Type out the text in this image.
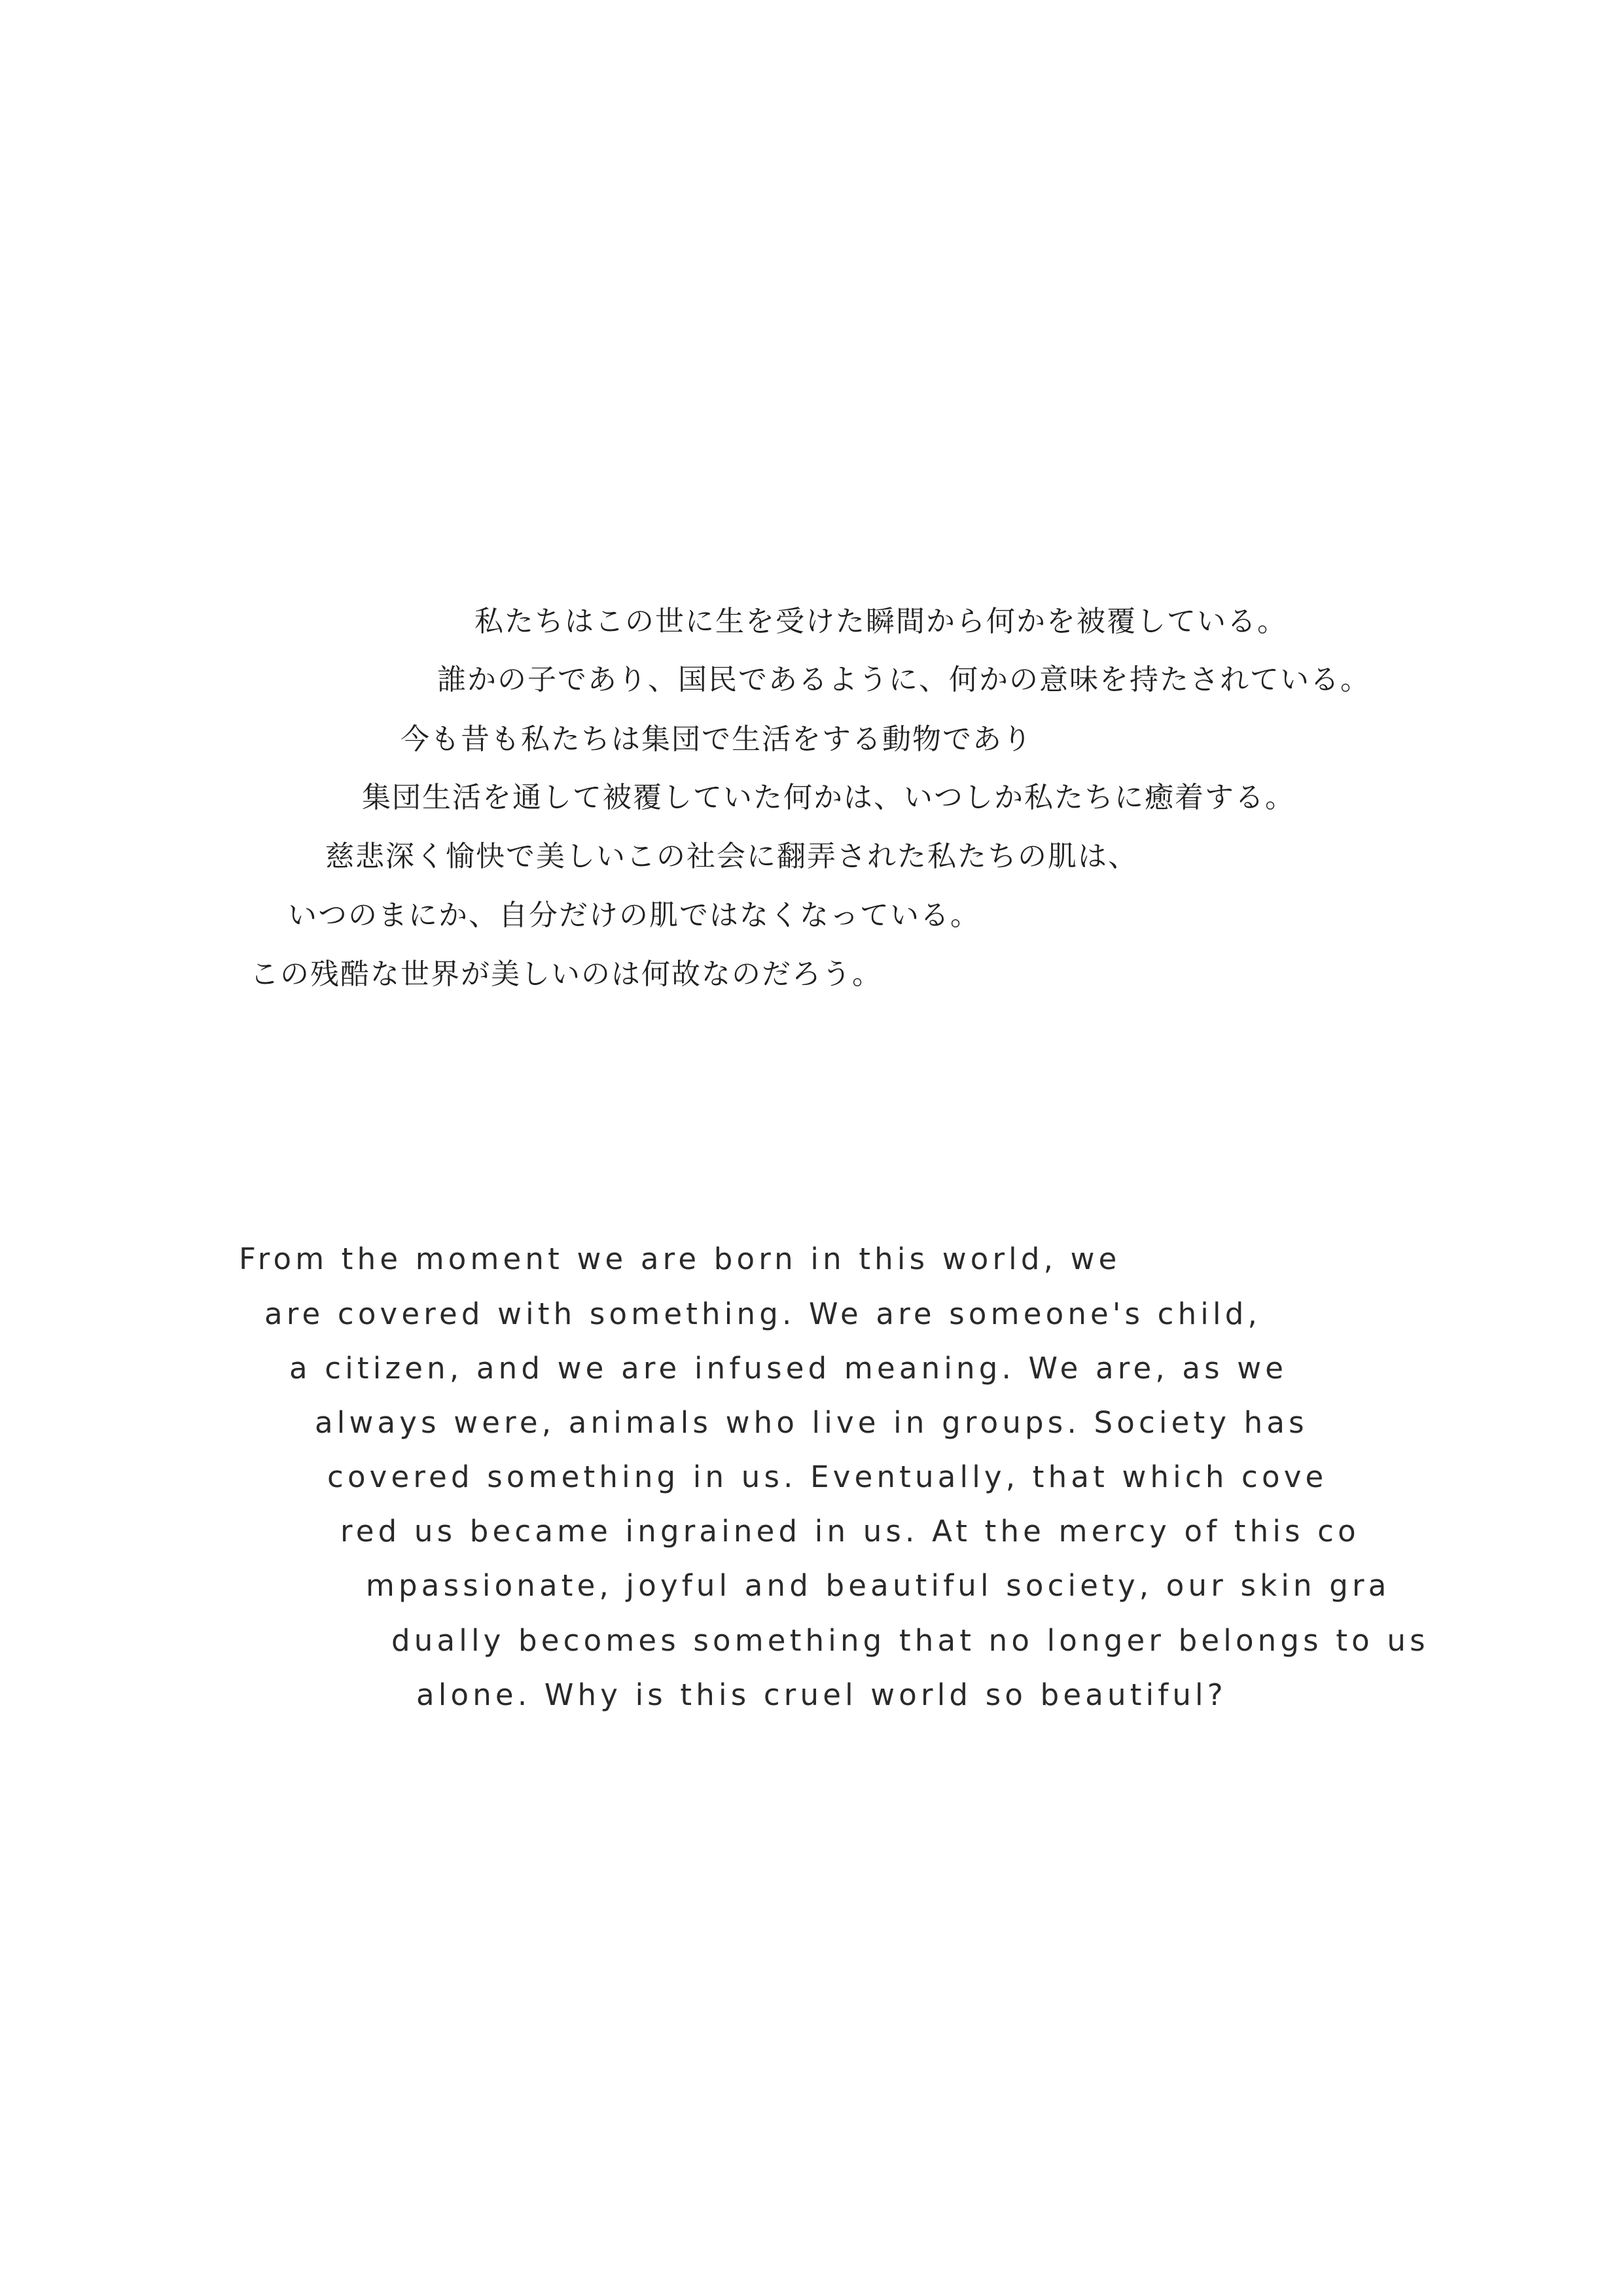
私たちはこの世に生を受けた瞬間から何かを被覆している。
誰かの子であり、国民であるように、何かの意味を持たされている。
今も昔も私たちは集団で生活をする動物であり
集団生活を通して被覆していた何かは、いつしか私たちに癒着する。
慈悲深く愉快で美しいこの社会に翻弄された私たちの肌は、
いつのまにか、自分だけの肌ではなくなっている。
この残酷な世界が美しいのは何故なのだろう。
From the moment we are born in this world, we
are covered with something. We are someone's child,
a citizen, and we are infused meaning. We are, as we
always were, animals who live in groups. Society has
covered something in us. Eventually, that which cove
red us became ingrained in us. At the mercy of this co
mpassionate, joyful and beautiful society, our skin gra
dually becomes something that no longer belongs to us
alone. Why is this cruel world so beautiful?
